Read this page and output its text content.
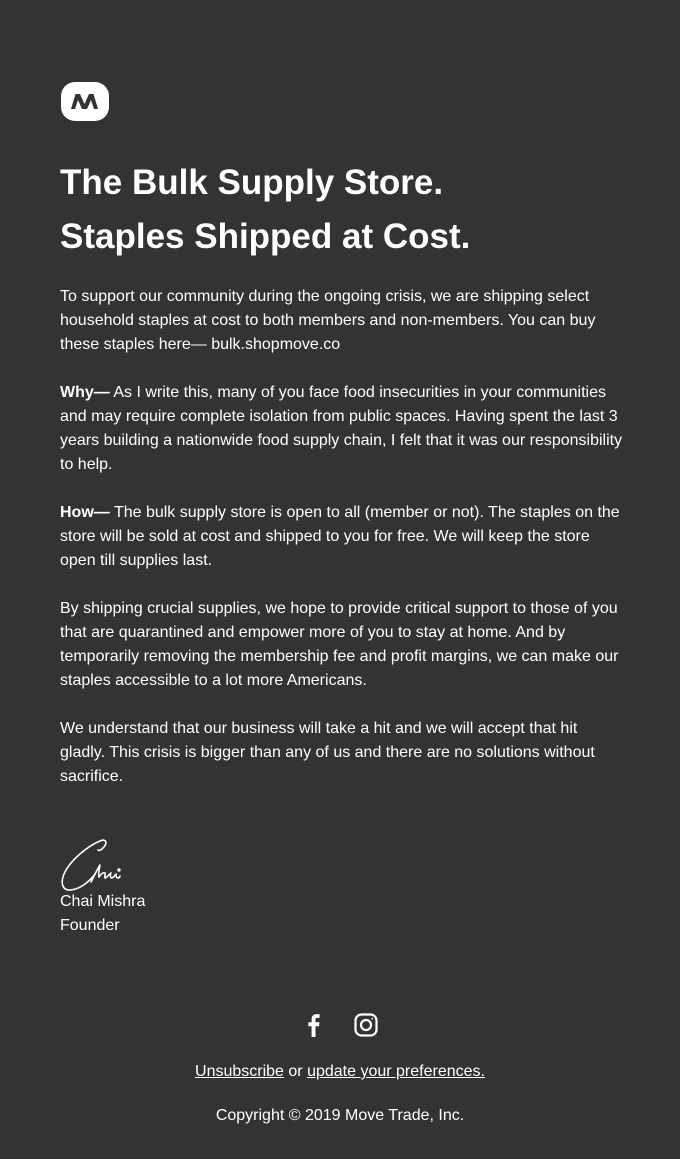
The Bulk Supply Store.
Staples Shipped at Cost.

To support our community during the ongoing crisis, we are shipping select household staples at cost to both members and non-members. You can buy these staples here— bulk.shopmove.co

Why— As I write this, many of you face food insecurities in your communities and may require complete isolation from public spaces. Having spent the last 3 years building a nationwide food supply chain, I felt that it was our responsibility to help.

How— The bulk supply store is open to all (member or not). The staples on the store will be sold at cost and shipped to you for free. We will keep the store open till supplies last.

By shipping crucial supplies, we hope to provide critical support to those of you that are quarantined and empower more of you to stay at home. And by temporarily removing the membership fee and profit margins, we can make our staples accessible to a lot more Americans.

We understand that our business will take a hit and we will accept that hit gladly. This crisis is bigger than any of us and there are no solutions without sacrifice.

Chai Mishra
Founder
Unsubscribe or update your preferences.
Copyright © 2019 Move Trade, Inc.
